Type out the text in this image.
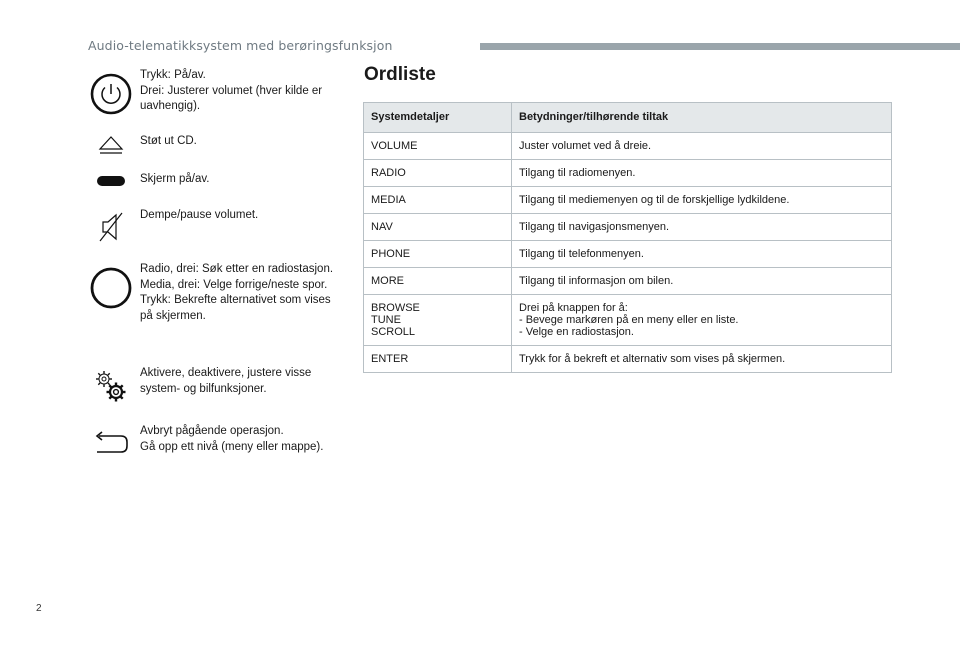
Audio-telematikksystem med berøringsfunksjon
Trykk: På/av.
Drei: Justerer volumet (hver kilde er uavhengig).
Støt ut CD.
Skjerm på/av.
Dempe/pause volumet.
Radio, drei: Søk etter en radiostasjon.
Media, drei: Velge forrige/neste spor.
Trykk: Bekrefte alternativet som vises på skjermen.
Aktivere, deaktivere, justere visse system- og bilfunksjoner.
Avbryt pågående operasjon.
Gå opp ett nivå (meny eller mappe).
Ordliste
Systemdetaljer	Betydninger/tilhørende tiltak
VOLUME	Juster volumet ved å dreie.
RADIO	Tilgang til radiomenyen.
MEDIA	Tilgang til mediemenyen og til de forskjellige lydkildene.
NAV	Tilgang til navigasjonsmenyen.
PHONE	Tilgang til telefonmenyen.
MORE	Tilgang til informasjon om bilen.
BROWSE
TUNE
SCROLL	Drei på knappen for å:
- Bevege markøren på en meny eller en liste.
- Velge en radiostasjon.
ENTER	Trykk for å bekreft et alternativ som vises på skjermen.
2
